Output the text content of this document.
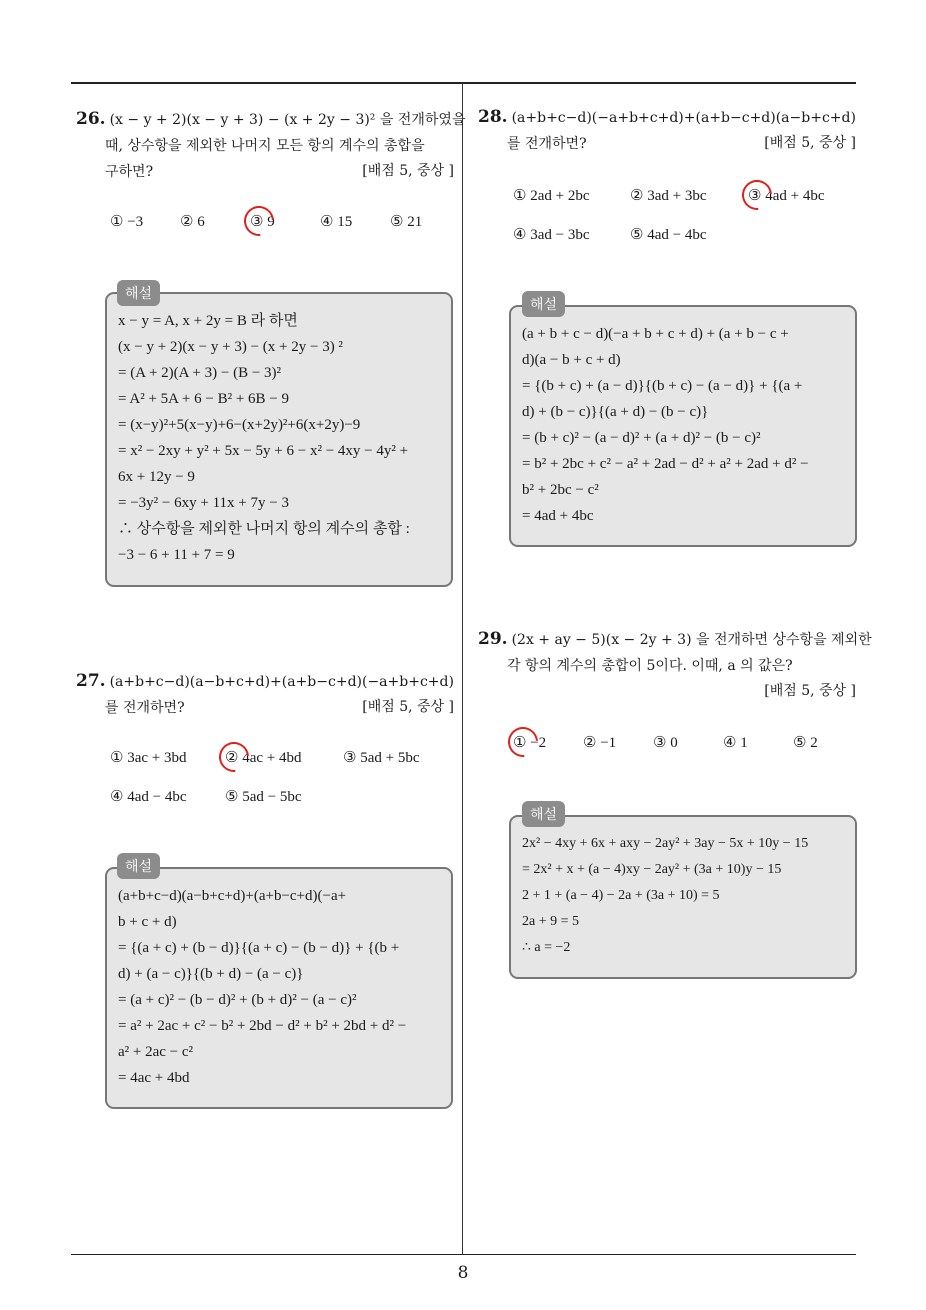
26. (x − y + 2)(x − y + 3) − (x + 2y − 3)² 을 전개하였을
때, 상수항을 제외한 나머지 모든 항의 계수의 총합을
구하면?	[배점 5, 중상 ]
① −3 ② 6	③ 9	④ 15	⑤ 21
x − y = A, x + 2y = B 라 하면
(x − y + 2)(x − y + 3) − (x + 2y − 3) ²
= (A + 2)(A + 3) − (B − 3)²
= A² + 5A + 6 − B² + 6B − 9
= (x−y)²+5(x−y)+6−(x+2y)²+6(x+2y)−9
= x² − 2xy + y² + 5x − 5y + 6 − x² − 4xy − 4y² +
6x + 12y − 9
= −3y² − 6xy + 11x + 7y − 3
∴ 상수항을 제외한 나머지 항의 계수의 총합 :
−3 − 6 + 11 + 7 = 9
해설
27. (a+b+c−d)(a−b+c+d)+(a+b−c+d)(−a+b+c+d)
를 전개하면?	[배점 5, 중상 ]
① 3ac + 3bd	② 4ac + 4bd	③ 5ad + 5bc
④ 4ad − 4bc	⑤ 5ad − 5bc
(a+b+c−d)(a−b+c+d)+(a+b−c+d)(−a+
b + c + d)
= {(a + c) + (b − d)}{(a + c) − (b − d)} + {(b +
d) + (a − c)}{(b + d) − (a − c)}
= (a + c)² − (b − d)² + (b + d)² − (a − c)²
= a² + 2ac + c² − b² + 2bd − d² + b² + 2bd + d² −
a² + 2ac − c²
= 4ac + 4bd
해설
28. (a+b+c−d)(−a+b+c+d)+(a+b−c+d)(a−b+c+d)
를 전개하면?	[배점 5, 중상 ]
① 2ad + 2bc	② 3ad + 3bc	③ 4ad + 4bc
④ 3ad − 3bc	⑤ 4ad − 4bc
(a + b + c − d)(−a + b + c + d) + (a + b − c +
d)(a − b + c + d)
= {(b + c) + (a − d)}{(b + c) − (a − d)} + {(a +
d) + (b − c)}{(a + d) − (b − c)}
= (b + c)² − (a − d)² + (a + d)² − (b − c)²
= b² + 2bc + c² − a² + 2ad − d² + a² + 2ad + d² −
b² + 2bc − c²
= 4ad + 4bc
해설
29. (2x + ay − 5)(x − 2y + 3) 을 전개하면 상수항을 제외한
각 항의 계수의 총합이 5이다. 이때, a 의 값은?
[배점 5, 중상 ]
① −2 ② −1 ③ 0	④ 1	⑤ 2
2x² − 4xy + 6x + axy − 2ay² + 3ay − 5x + 10y − 15
= 2x² + x + (a − 4)xy − 2ay² + (3a + 10)y − 15
2 + 1 + (a − 4) − 2a + (3a + 10) = 5
2a + 9 = 5
∴ a = −2
해설
8
